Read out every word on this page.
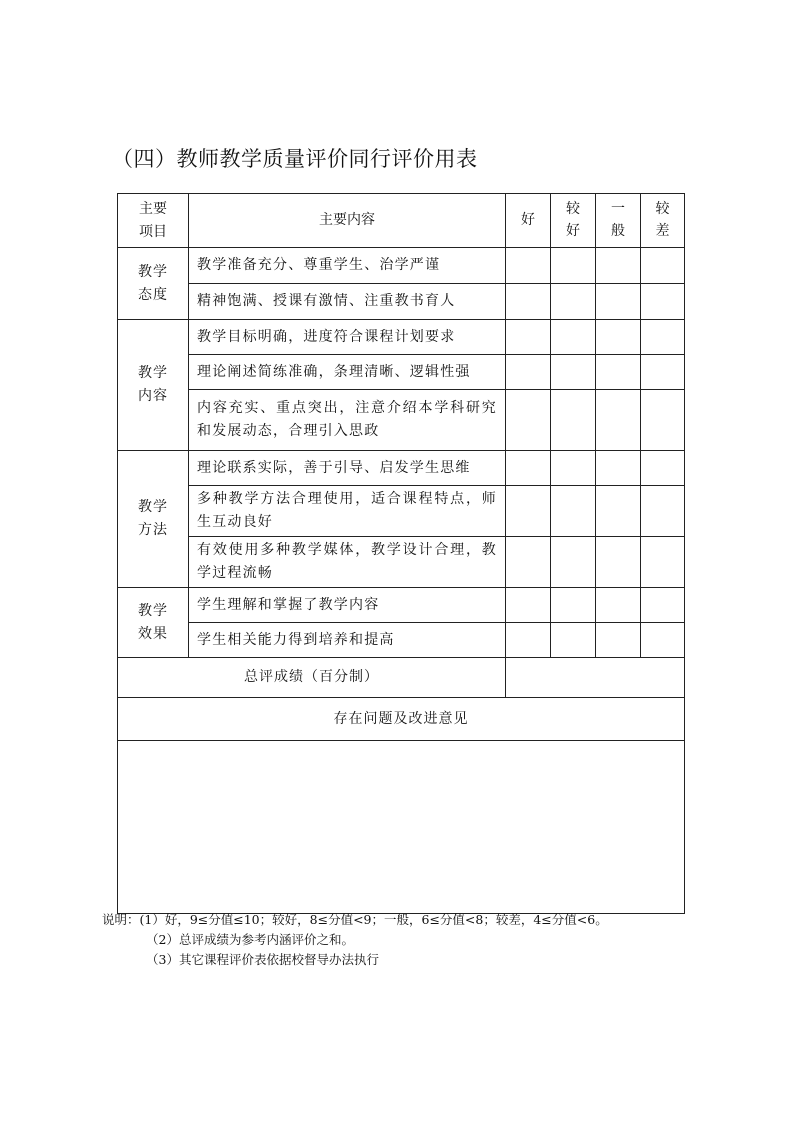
（四）教师教学质量评价同行评价用表
主要
项目	主要内容	好	较好	一般	较差
教学
态度	教学准备充分、尊重学生、治学严谨				
	精神饱满、授课有激情、注重教书育人				
教学
内容	教学目标明确，进度符合课程计划要求				
	理论阐述简练准确，条理清晰、逻辑性强				
	内容充实、重点突出，注意介绍本学科研究和发展动态，合理引入思政				
教学
方法	理论联系实际，善于引导、启发学生思维				
	多种教学方法合理使用，适合课程特点，师生互动良好				
	有效使用多种教学媒体，教学设计合理，教学过程流畅				
教学
效果	学生理解和掌握了教学内容				
	学生相关能力得到培养和提高				
总评成绩（百分制）					
存在问题及改进意见					

说明：(1）好，9≤分值≤10；较好，8≤分值<9；一般，6≤分值<8；较差，4≤分值<6。
（2）总评成绩为参考内涵评价之和。
（3）其它课程评价表依据校督导办法执行
